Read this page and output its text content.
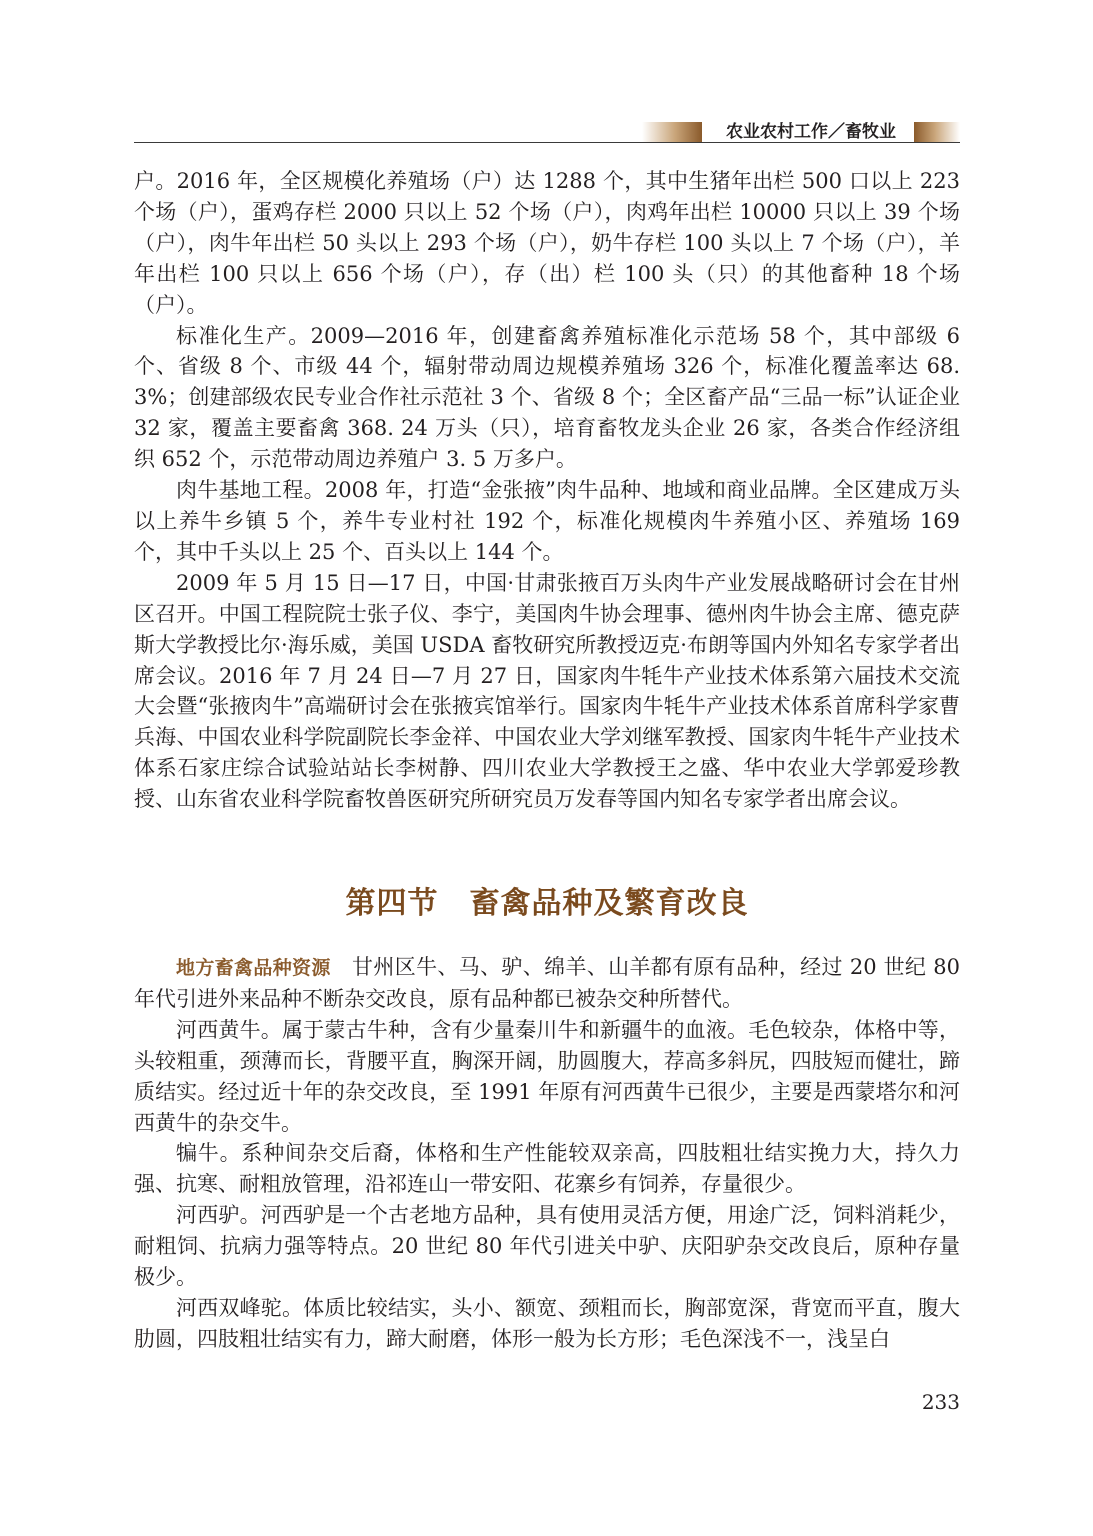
农业农村工作／畜牧业

户。2016 年，全区规模化养殖场（户）达 1288 个，其中生猪年出栏 500 口以上 223 个场（户），蛋鸡存栏 2000 只以上 52 个场（户），肉鸡年出栏 10000 只以上 39 个场（户），肉牛年出栏 50 头以上 293 个场（户），奶牛存栏 100 头以上 7 个场（户），羊年出栏 100 只以上 656 个场（户），存（出）栏 100 头（只）的其他畜种 18 个场（户）。

标准化生产。2009—2016 年，创建畜禽养殖标准化示范场 58 个，其中部级 6 个、省级 8 个、市级 44 个，辐射带动周边规模养殖场 326 个，标准化覆盖率达 68. 3%；创建部级农民专业合作社示范社 3 个、省级 8 个；全区畜产品“三品一标”认证企业 32 家，覆盖主要畜禽 368. 24 万头（只），培育畜牧龙头企业 26 家，各类合作经济组织 652 个，示范带动周边养殖户 3. 5 万多户。

肉牛基地工程。2008 年，打造“金张掖”肉牛品种、地域和商业品牌。全区建成万头以上养牛乡镇 5 个，养牛专业村社 192 个，标准化规模肉牛养殖小区、养殖场 169 个，其中千头以上 25 个、百头以上 144 个。

2009 年 5 月 15 日—17 日，中国·甘肃张掖百万头肉牛产业发展战略研讨会在甘州区召开。中国工程院院士张子仪、李宁，美国肉牛协会理事、德州肉牛协会主席、德克萨斯大学教授比尔·海乐威，美国 USDA 畜牧研究所教授迈克·布朗等国内外知名专家学者出席会议。2016 年 7 月 24 日—7 月 27 日，国家肉牛牦牛产业技术体系第六届技术交流大会暨“张掖肉牛”高端研讨会在张掖宾馆举行。国家肉牛牦牛产业技术体系首席科学家曹兵海、中国农业科学院副院长李金祥、中国农业大学刘继军教授、国家肉牛牦牛产业技术体系石家庄综合试验站站长李树静、四川农业大学教授王之盛、华中农业大学郭爱珍教授、山东省农业科学院畜牧兽医研究所研究员万发春等国内知名专家学者出席会议。

第四节　畜禽品种及繁育改良

地方畜禽品种资源　甘州区牛、马、驴、绵羊、山羊都有原有品种，经过 20 世纪 80 年代引进外来品种不断杂交改良，原有品种都已被杂交种所替代。

河西黄牛。属于蒙古牛种，含有少量秦川牛和新疆牛的血液。毛色较杂，体格中等，头较粗重，颈薄而长，背腰平直，胸深开阔，肋圆腹大，荐高多斜尻，四肢短而健壮，蹄质结实。经过近十年的杂交改良，至 1991 年原有河西黄牛已很少，主要是西蒙塔尔和河西黄牛的杂交牛。

犏牛。系种间杂交后裔，体格和生产性能较双亲高，四肢粗壮结实挽力大，持久力强、抗寒、耐粗放管理，沿祁连山一带安阳、花寨乡有饲养，存量很少。

河西驴。河西驴是一个古老地方品种，具有使用灵活方便，用途广泛，饲料消耗少，耐粗饲、抗病力强等特点。20 世纪 80 年代引进关中驴、庆阳驴杂交改良后，原种存量极少。

河西双峰驼。体质比较结实，头小、额宽、颈粗而长，胸部宽深，背宽而平直，腹大肋圆，四肢粗壮结实有力，蹄大耐磨，体形一般为长方形；毛色深浅不一，浅呈白

233
